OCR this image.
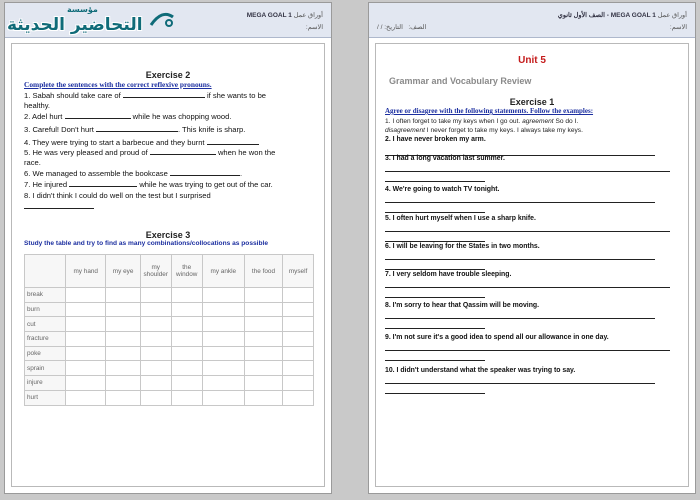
أوراق عمل MEGA GOAL 1
الاسم:
Exercise 2
Complete the sentences with the correct reflexive pronouns.
1. Sabah should take care of	if she wants to be
healthy.
2. Adel hurt	while he was chopping wood.
3. Careful! Don't hurt	. This knife is sharp.
4. They were trying to start a barbecue and they burnt
5. He was very pleased and proud of	when he won the
race.
6. We managed to assemble the bookcase	.
7. He injured	while he was trying to get out of the car.
8. I didn't think I could do well on the test but I surprised

Exercise 3
Study the table and try to find as many combinations/collocations as possible
	my hand	my eye	my shoulder	the window	my ankle	the food	myself
break							
burn							
cut							
fracture							
poke							
sprain							
injure							
hurt							
مؤسسة
التحاضير الحديثة	أوراق عمل MEGA GOAL 1 - الصف الأول ثانوي
الاسم:
الصف:   التاريخ: / /
Unit 5
Grammar and Vocabulary Review
Exercise 1
Agree or disagree with the following statements. Follow the examples:
1. I often forget to take my keys when I go out. agreement So do I.
disagreement I never forget to take my keys. I always take my keys.
2. I have never broken my arm.
3. I had a long vacation last summer.
4. We're going to watch TV tonight.
5. I often hurt myself when I use a sharp knife.
6. I will be leaving for the States in two months.
7. I very seldom have trouble sleeping.
8. I'm sorry to hear that Qassim will be moving.
9. I'm not sure it's a good idea to spend all our allowance in one day.
10. I didn't understand what the speaker was trying to say.
